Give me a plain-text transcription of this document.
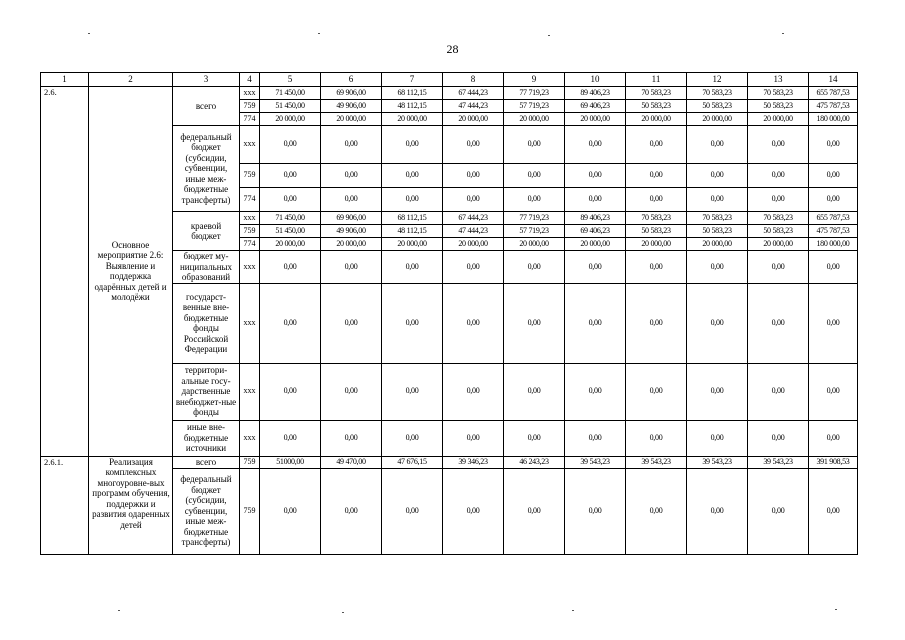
28
1	2	3	4	5	6	7	8	9	10	11	12	13	14
2.6.	Основное мероприятие 2.6: Выявление и поддержка одарённых детей и молодёжи	всего	xxx	71 450,00	69 906,00	68 112,15	67 444,23	77 719,23	89 406,23	70 583,23	70 583,23	70 583,23	655 787,53
			759	51 450,00	49 906,00	48 112,15	47 444,23	57 719,23	69 406,23	50 583,23	50 583,23	50 583,23	475 787,53
			774	20 000,00	20 000,00	20 000,00	20 000,00	20 000,00	20 000,00	20 000,00	20 000,00	20 000,00	180 000,00
		федеральный бюджет (субсидии, субвенции, иные меж-бюджетные трансферты)	xxx	0,00	0,00	0,00	0,00	0,00	0,00	0,00	0,00	0,00	0,00
			759	0,00	0,00	0,00	0,00	0,00	0,00	0,00	0,00	0,00	0,00
			774	0,00	0,00	0,00	0,00	0,00	0,00	0,00	0,00	0,00	0,00
		краевой бюджет	xxx	71 450,00	69 906,00	68 112,15	67 444,23	77 719,23	89 406,23	70 583,23	70 583,23	70 583,23	655 787,53
			759	51 450,00	49 906,00	48 112,15	47 444,23	57 719,23	69 406,23	50 583,23	50 583,23	50 583,23	475 787,53
			774	20 000,00	20 000,00	20 000,00	20 000,00	20 000,00	20 000,00	20 000,00	20 000,00	20 000,00	180 000,00
		бюджет му-ниципальных образований	xxx	0,00	0,00	0,00	0,00	0,00	0,00	0,00	0,00	0,00	0,00
		государст-венные вне-бюджетные фонды Российской Федерации	xxx	0,00	0,00	0,00	0,00	0,00	0,00	0,00	0,00	0,00	0,00
		территори-альные госу-дарственные внебюджет-ные фонды	xxx	0,00	0,00	0,00	0,00	0,00	0,00	0,00	0,00	0,00	0,00
		иные вне-бюджетные источники	xxx	0,00	0,00	0,00	0,00	0,00	0,00	0,00	0,00	0,00	0,00
2.6.1.	Реализация комплексных многоуровне-вых программ обучения, поддержки и развития одаренных детей	всего	759	51000,00	49 470,00	47 676,15	39 346,23	46 243,23	39 543,23	39 543,23	39 543,23	39 543,23	391 908,53
		федеральный бюджет (субсидии, субвенции, иные меж-бюджетные трансферты)	759	0,00	0,00	0,00	0,00	0,00	0,00	0,00	0,00	0,00	0,00
